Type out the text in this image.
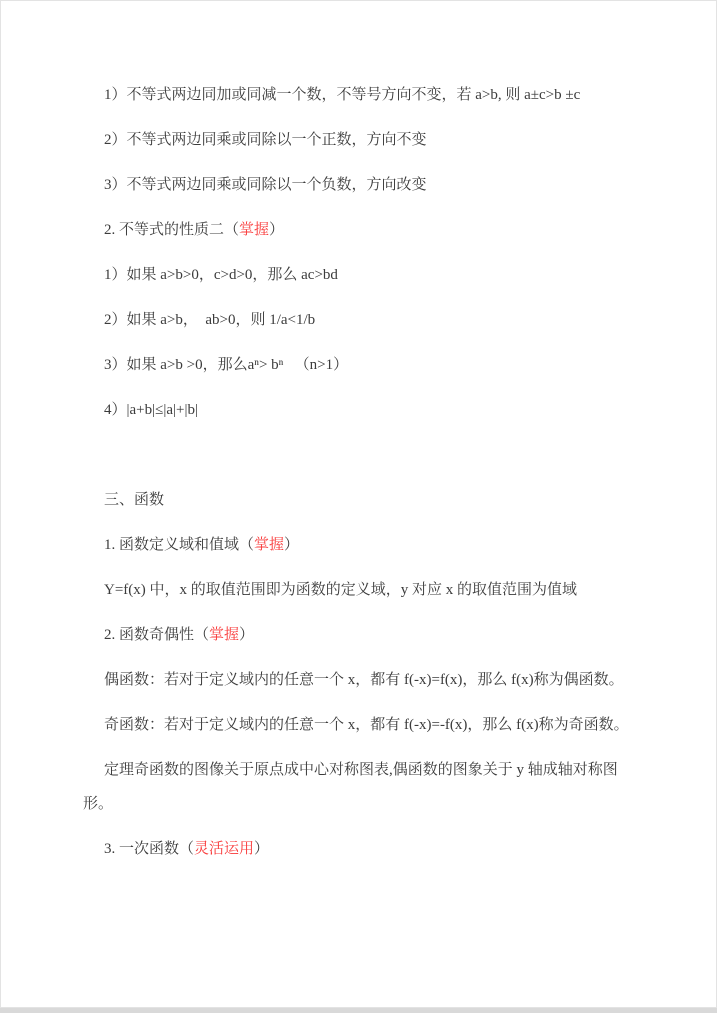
1）不等式两边同加或同减一个数，不等号方向不变，若 a>b, 则 a±c>b ±c

2）不等式两边同乘或同除以一个正数，方向不变

3）不等式两边同乘或同除以一个负数，方向改变

2. 不等式的性质二（掌握）

1）如果 a>b>0，c>d>0，那么 ac>bd

2）如果 a>b，  ab>0，则 1/a<1/b

3）如果 a>b >0，那么aⁿ> bⁿ   （n>1）

4）|a+b|≤|a|+|b|

三、函数

1. 函数定义域和值域（掌握）

Y=f(x) 中，x 的取值范围即为函数的定义域，y 对应 x 的取值范围为值域

2. 函数奇偶性（掌握）

偶函数：若对于定义域内的任意一个 x，都有 f(-x)=f(x)，那么 f(x)称为偶函数。

奇函数：若对于定义域内的任意一个 x，都有 f(-x)=-f(x)，那么 f(x)称为奇函数。

定理奇函数的图像关于原点成中心对称图表,偶函数的图象关于 y 轴成轴对称图形。

3. 一次函数（灵活运用）
